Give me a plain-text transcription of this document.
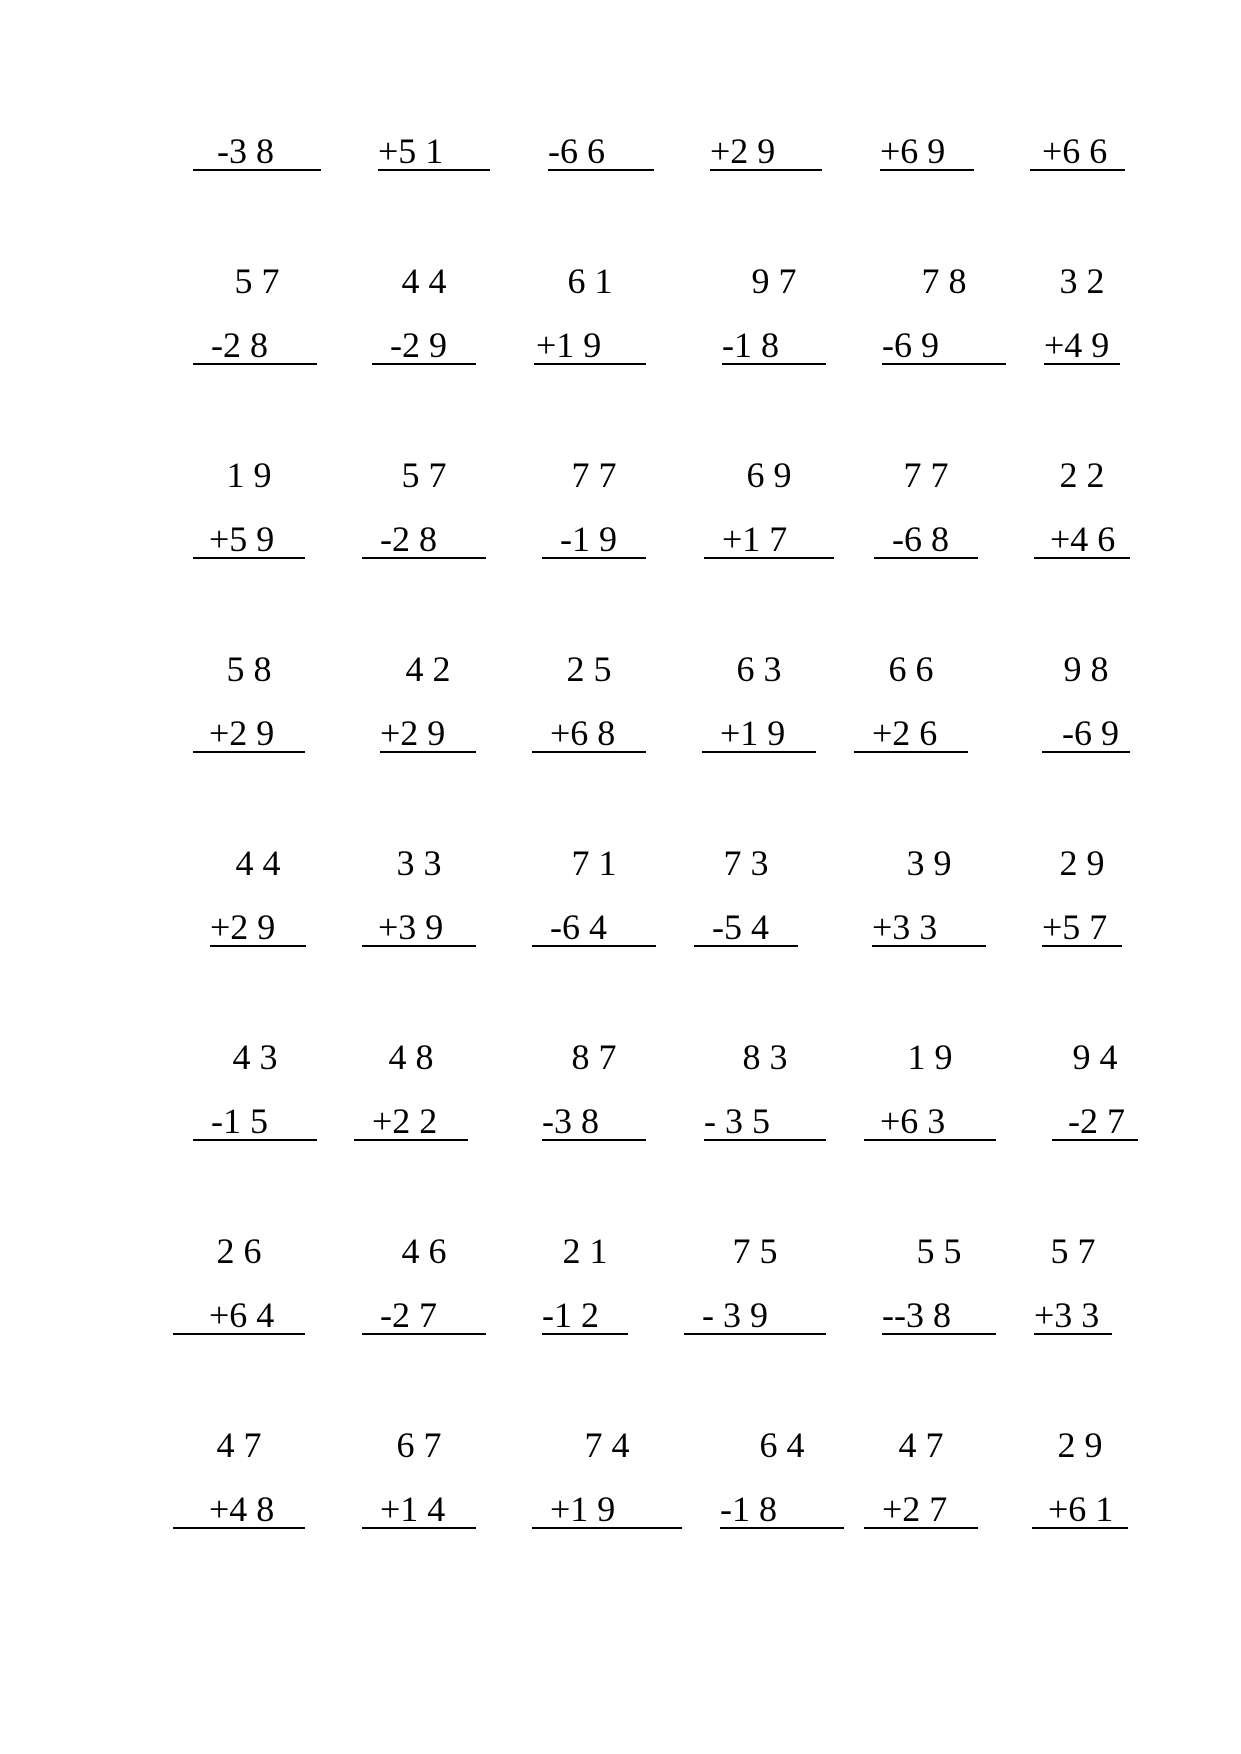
-3 8	+5 1	-6 6	+2 9	+6 9	+6 6
5 7	4 4	6 1	9 7	7 8	3 2
-2 8	-2 9	+1 9	-1 8	-6 9	+4 9
1 9	5 7	7 7	6 9	7 7	2 2
+5 9	-2 8	-1 9	+1 7	-6 8	+4 6
5 8	4 2	2 5	6 3	6 6	9 8
+2 9	+2 9	+6 8	+1 9	+2 6	-6 9
4 4	3 3	7 1	7 3	3 9	2 9
+2 9	+3 9	-6 4	-5 4	+3 3	+5 7
4 3	4 8	8 7	8 3	1 9	9 4
-1 5	+2 2	-3 8	- 3 5	+6 3	-2 7
2 6	4 6	2 1	7 5	5 5	5 7
+6 4	-2 7	-1 2	- 3 9	--3 8	+3 3
4 7	6 7	7 4	6 4	4 7	2 9
+4 8	+1 4	+1 9	-1 8	+2 7	+6 1
